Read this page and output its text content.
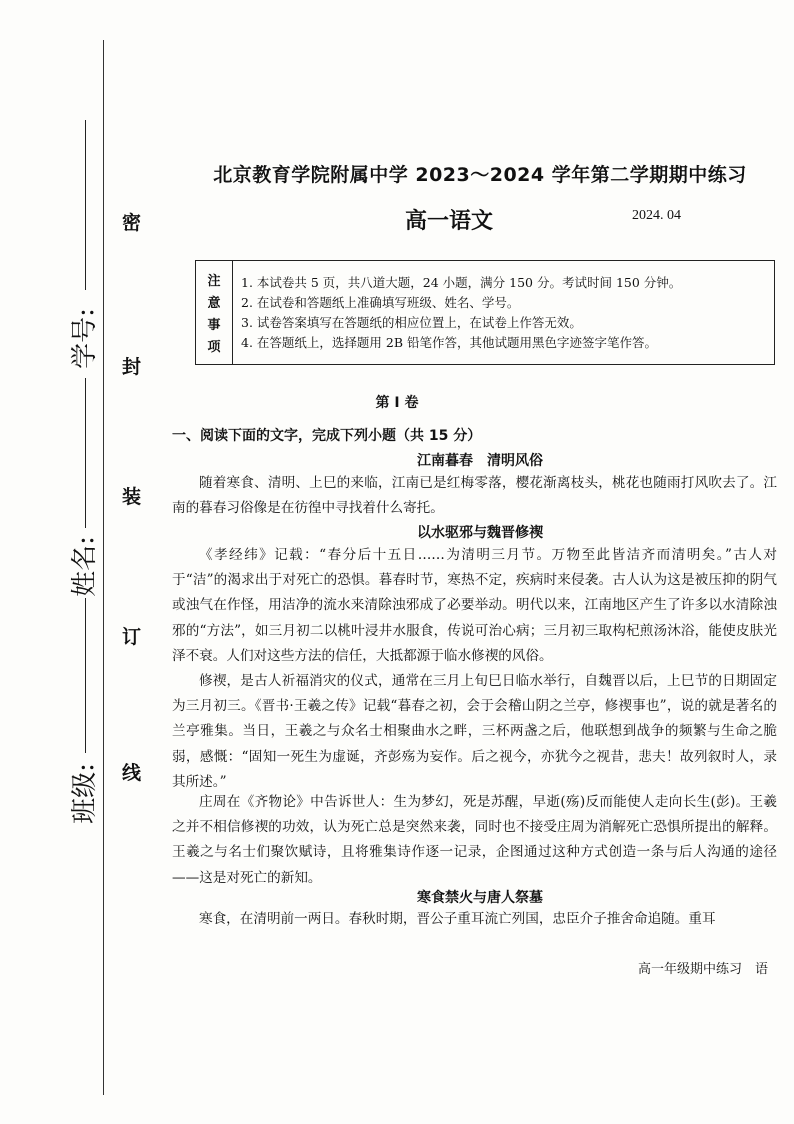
密
封
装
订
线
学号:
姓名:
班级:
北京教育学院附属中学 2023～2024 学年第二学期期中练习
高一语文	2024. 04
注
意
事
项
1. 本试卷共 5 页，共八道大题，24 小题，满分 150 分。考试时间 150 分钟。
2. 在试卷和答题纸上准确填写班级、姓名、学号。
3. 试卷答案填写在答题纸的相应位置上，在试卷上作答无效。
4. 在答题纸上，选择题用 2B 铅笔作答，其他试题用黑色字迹签字笔作答。
第 I 卷
一、阅读下面的文字，完成下列小题（共 15 分）
江南暮春　清明风俗
随着寒食、清明、上巳的来临，江南已是红梅零落，樱花渐离枝头，桃花也随雨打风吹去了。江南的暮春习俗像是在彷徨中寻找着什么寄托。
以水驱邪与魏晋修禊
《孝经纬》记载：“春分后十五日……为清明三月节。万物至此皆洁齐而清明矣。”古人对于“洁”的渴求出于对死亡的恐惧。暮春时节，寒热不定，疾病时来侵袭。古人认为这是被压抑的阴气或浊气在作怪，用洁净的流水来清除浊邪成了必要举动。明代以来，江南地区产生了许多以水清除浊邪的“方法”，如三月初二以桃叶浸井水服食，传说可治心病；三月初三取构杞煎汤沐浴，能使皮肤光泽不衰。人们对这些方法的信任，大抵都源于临水修禊的风俗。
修禊，是古人祈福消灾的仪式，通常在三月上旬巳日临水举行，自魏晋以后，上巳节的日期固定为三月初三。《晋书·王羲之传》记载“暮春之初，会于会稽山阴之兰亭，修禊事也”，说的就是著名的兰亭雅集。当日，王羲之与众名士相聚曲水之畔，三杯两盏之后，他联想到战争的频繁与生命之脆弱，感慨：“固知一死生为虚诞，齐彭殇为妄作。后之视今，亦犹今之视昔，悲夫！故列叙时人，录其所述。”
庄周在《齐物论》中告诉世人：生为梦幻，死是苏醒，早逝(殇)反而能使人走向长生(彭)。王羲之并不相信修禊的功效，认为死亡总是突然来袭，同时也不接受庄周为消解死亡恐惧所提出的解释。王羲之与名士们聚饮赋诗，且将雅集诗作逐一记录，企图通过这种方式创造一条与后人沟通的途径——这是对死亡的新知。
寒食禁火与唐人祭墓
寒食，在清明前一两日。春秋时期，晋公子重耳流亡列国，忠臣介子推舍命追随。重耳
高一年级期中练习　语
